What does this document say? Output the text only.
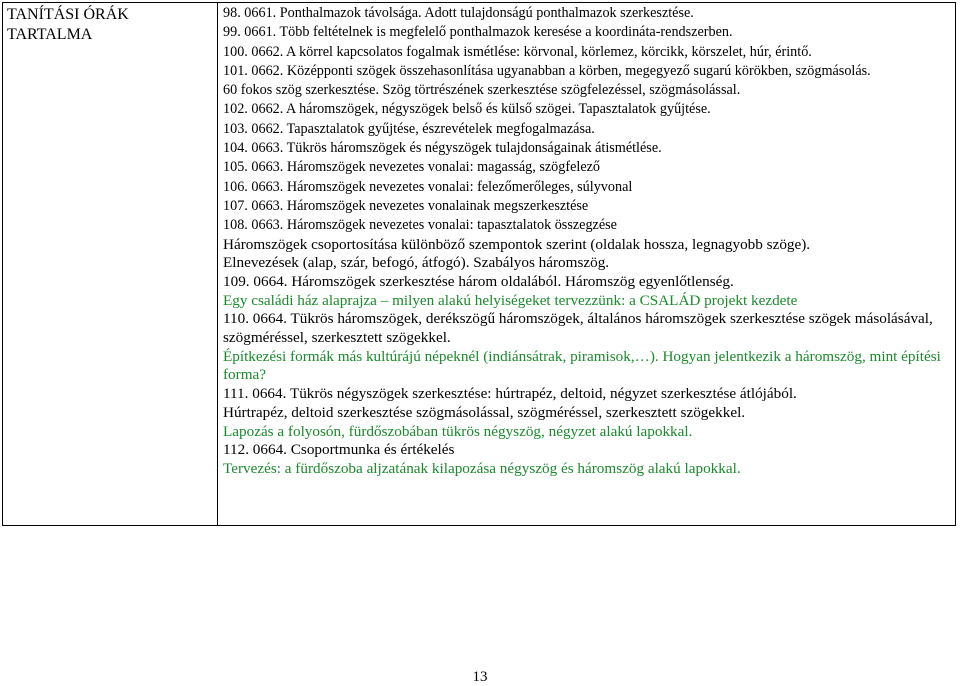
TANÍTÁSI ÓRÁK
TARTALMA

98. 0661. Ponthalmazok távolsága. Adott tulajdonságú ponthalmazok szerkesztése.

99. 0661. Több feltételnek is megfelelő ponthalmazok keresése a koordináta-rendszerben.

100. 0662. A körrel kapcsolatos fogalmak ismétlése: körvonal, körlemez, körcikk, körszelet, húr, érintő.

101. 0662. Középponti szögek összehasonlítása ugyanabban a körben, megegyező sugarú körökben, szögmásolás.

60 fokos szög szerkesztése. Szög törtrészének szerkesztése szögfelezéssel, szögmásolással.

102. 0662. A háromszögek, négyszögek belső és külső szögei. Tapasztalatok gyűjtése.

103. 0662. Tapasztalatok gyűjtése, észrevételek megfogalmazása.

104. 0663. Tükrös háromszögek és négyszögek tulajdonságainak átismétlése.

105. 0663. Háromszögek nevezetes vonalai: magasság, szögfelező

106. 0663. Háromszögek nevezetes vonalai: felezőmerőleges, súlyvonal

107. 0663. Háromszögek nevezetes vonalainak megszerkesztése

108. 0663. Háromszögek nevezetes vonalai: tapasztalatok összegzése

Háromszögek csoportosítása különböző szempontok szerint (oldalak hossza, legnagyobb szöge).

Elnevezések (alap, szár, befogó, átfogó). Szabályos háromszög.

109. 0664. Háromszögek szerkesztése három oldalából. Háromszög egyenlőtlenség.

Egy családi ház alaprajza – milyen alakú helyiségeket tervezzünk: a CSALÁD projekt kezdete

110. 0664. Tükrös háromszögek, derékszögű háromszögek, általános háromszögek szerkesztése szögek másolásával, szögméréssel, szerkesztett szögekkel.

Építkezési formák más kultúrájú népeknél (indiánsátrak, piramisok,…). Hogyan jelentkezik a háromszög, mint építési forma?

111. 0664. Tükrös négyszögek szerkesztése: húrtrapéz, deltoid, négyzet szerkesztése átlójából.

Húrtrapéz, deltoid szerkesztése szögmásolással, szögméréssel, szerkesztett szögekkel.

Lapozás a folyosón, fürdőszobában tükrös négyszög, négyzet alakú lapokkal.

112. 0664. Csoportmunka és értékelés

Tervezés: a fürdőszoba aljzatának kilapozása négyszög és háromszög alakú lapokkal.

13
